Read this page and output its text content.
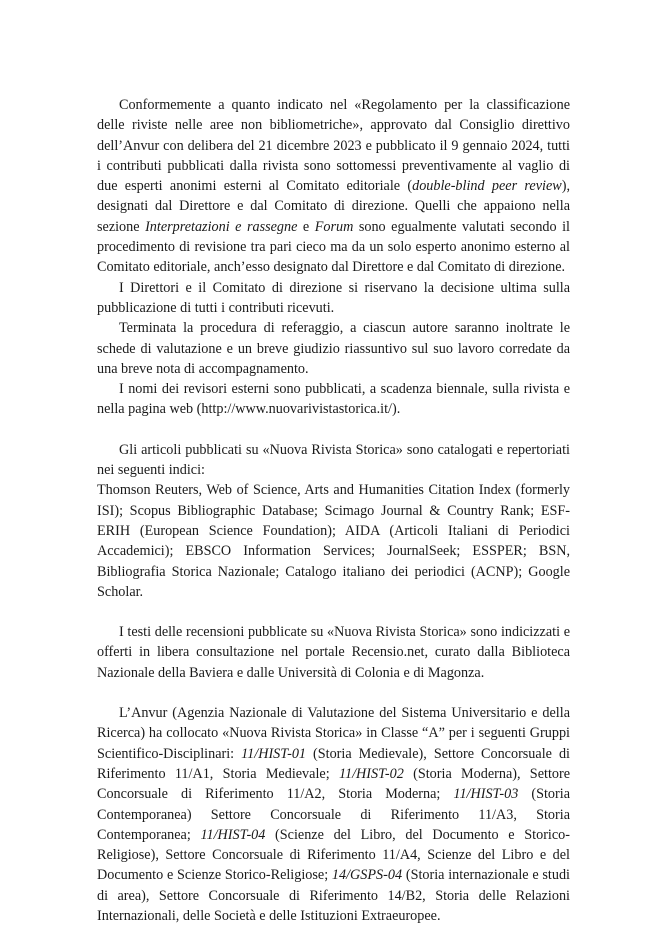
Conformemente a quanto indicato nel «Regolamento per la classificazione delle riviste nelle aree non bibliometriche», approvato dal Consiglio direttivo dell’Anvur con delibera del 21 dicembre 2023 e pubblicato il 9 gennaio 2024, tutti i contributi pubblicati dalla rivista sono sottomessi preventivamente al vaglio di due esperti anonimi esterni al Comitato editoriale (double-blind peer review), designati dal Direttore e dal Comitato di direzione. Quelli che appaiono nella sezione Interpretazioni e rassegne e Forum sono egualmente valutati secondo il procedimento di revisione tra pari cieco ma da un solo esperto anonimo esterno al Comitato editoriale, anch’esso designato dal Direttore e dal Comitato di direzione.

I Direttori e il Comitato di direzione si riservano la decisione ultima sulla pubblicazione di tutti i contributi ricevuti.

Terminata la procedura di referaggio, a ciascun autore saranno inoltrate le schede di valutazione e un breve giudizio riassuntivo sul suo lavoro corredate da una breve nota di accompagnamento.

I nomi dei revisori esterni sono pubblicati, a scadenza biennale, sulla rivista e nella pagina web (http://www.nuovarivistastorica.it/).

Gli articoli pubblicati su «Nuova Rivista Storica» sono catalogati e repertoriati nei seguenti indici:

Thomson Reuters, Web of Science, Arts and Humanities Citation Index (formerly ISI); Scopus Bibliographic Database; Scimago Journal & Country Rank; ESF-ERIH (European Science Foundation); AIDA (Articoli Italiani di Periodici Accademici); EBSCO Information Services; JournalSeek; ESSPER; BSN, Bibliografia Storica Nazionale; Catalogo italiano dei periodici (ACNP); Google Scholar.

I testi delle recensioni pubblicate su «Nuova Rivista Storica» sono indicizzati e offerti in libera consultazione nel portale Recensio.net, curato dalla Biblioteca Nazionale della Baviera e dalle Università di Colonia e di Magonza.

L’Anvur (Agenzia Nazionale di Valutazione del Sistema Universitario e della Ricerca) ha collocato «Nuova Rivista Storica» in Classe “A” per i seguenti Gruppi Scientifico-Disciplinari: 11/HIST-01 (Storia Medievale), Settore Concorsuale di Riferimento 11/A1, Storia Medievale; 11/HIST-02 (Storia Moderna), Settore Concorsuale di Riferimento 11/A2, Storia Moderna; 11/HIST-03 (Storia Contemporanea) Settore Concorsuale di Riferimento 11/A3, Storia Contemporanea; 11/HIST-04 (Scienze del Libro, del Documento e Storico-Religiose), Settore Concorsuale di Riferimento 11/A4, Scienze del Libro e del Documento e Scienze Storico-Religiose; 14/GSPS-04 (Storia internazionale e studi di area), Settore Concorsuale di Riferimento 14/B2, Storia delle Relazioni Internazionali, delle Società e delle Istituzioni Extraeuropee.
